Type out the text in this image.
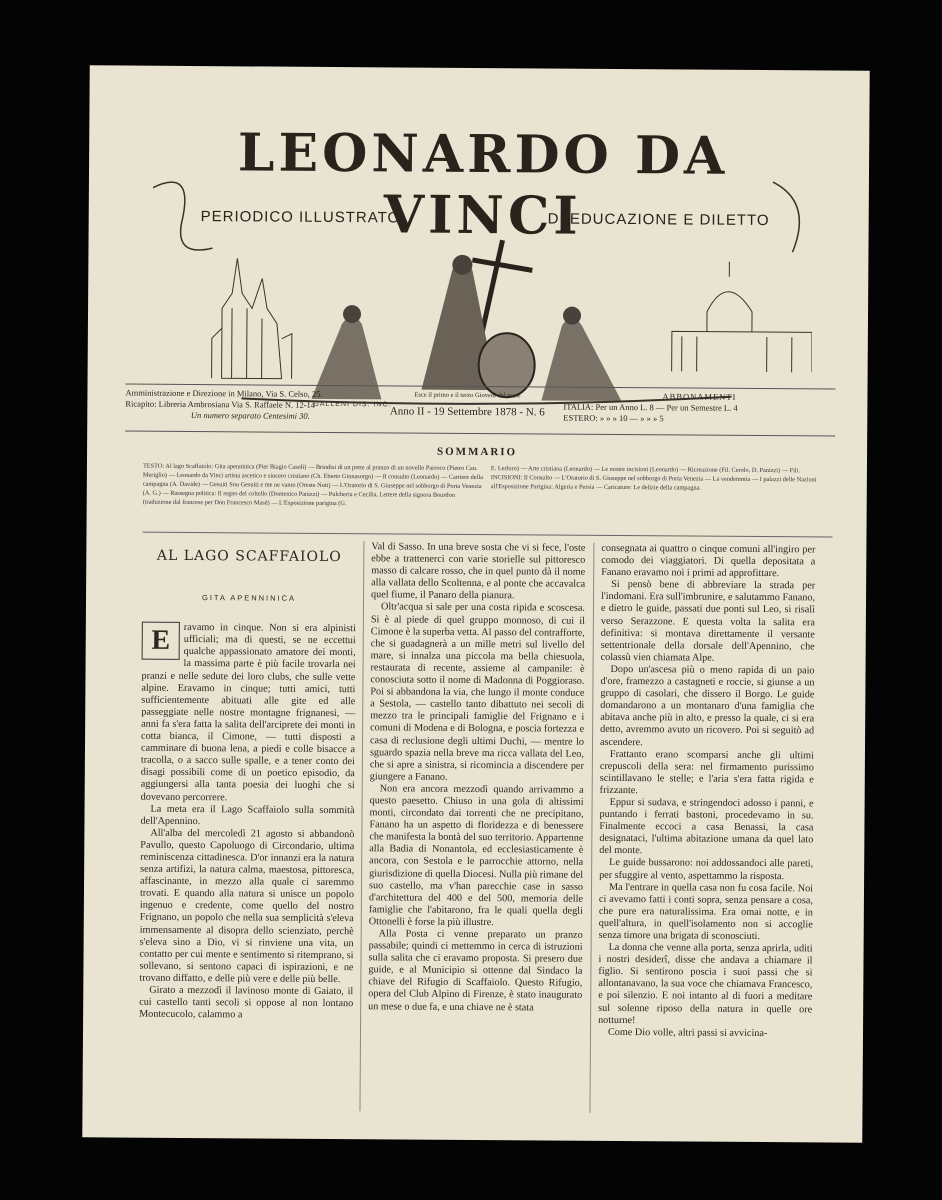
LEONARDO DA VINCI
PERIODICO ILLUSTRATO	DI EDUCAZIONE E DILETTO
GALLENI DIS. INC.
Amministrazione e Direzione in Milano, Via S. Celso, 25.
Ricapito: Libreria Ambrosiana Via S. Raffaele N. 12-14
Un numero separato Centesimi 30.
Esce il primo e il terzo Giovedì del mese
Anno II - 19 Settembre 1878 - N. 6
ABBONAMENTI
ITALIA: Per un Anno L. 8 — Per un Semestre L. 4
ESTERO: » » » 10 — » » » 5
SOMMARIO
TESTO: Al lago Scaffaiolo: Gita apenninica (Pier Biagio Casoli) — Brindisi di un prete al pranzo di un novello Parroco (Pietro Can. Meriglio) — Leonardo da Vinci artista ascetico e sincero cristiano (Ch. Eberto Ginnasorgo) — Il consulto (Leonardo) — Cartiere della campagna (A. Davide) — Gesuiti Sou Gesuiti e me ne vanto (Oreste Nuti) — L'Oratorio di S. Giuseppe nel sobborgo di Porta Venezia (A. G.) — Rassegna politica: Il regno del coltello (Domenico Panizzi) — Pulcheria e Cecilia, Lettere della signora Bourdon (traduzione dal francese per Don Francesco Masé) — L'Esposizione parigina (G.
E. Lerloro) — Arte cristiana (Leonardo) — Le nostre incisioni (Leonardo) — Ricreazione (Fil. Cerolo, D. Panizzi) — Fili. INCISIONI: Il Consulto — L'Oratorio di S. Giuseppe nel sobborgo di Porta Venezia — La vendemmia — I palazzi delle Nazioni all'Esposizione Parigina: Algeria e Persia — Caricature: Le delizie della campagna.
AL LAGO SCAFFAIOLO
GITA APENNINICA
E	ravamo in cinque. Non si era alpinisti ufficiali; ma di questi, se ne eccettui qualche appassionato amatore dei monti, la massima parte è più facile trovarla nei pranzi e nelle sedute dei loro clubs, che sulle vette alpine. Eravamo in cinque; tutti amici, tutti sufficientemente abituati alle gite ed alle passeggiate nelle nostre montagne frignanesi, — anni fa s'era fatta la salita dell'arciprete dei monti in cotta bianca, il Cimone, — tutti disposti a camminare di buona lena, a piedi e colle bisacce a tracolla, o a sacco sulle spalle, e a tener conto dei disagi possibili come di un poetico episodio, da aggiungersi alla tanta poesia dei luoghi che si dovevano percorrere.

La meta era il Lago Scaffaiolo sulla sommità dell'Apennino.

All'alba del mercoledì 21 agosto si abbandonò Pavullo, questo Capoluogo di Circondario, ultima reminiscenza cittadinesca. D'or innanzi era la natura senza artifizi, la natura calma, maestosa, pittoresca, affascinante, in mezzo alla quale ci saremmo trovati. E quando alla natura si unisce un popolo ingenuo e credente, come quello del nostro Frignano, un popolo che nella sua semplicità s'eleva immensamente al disopra dello scienziato, perchè s'eleva sino a Dio, vi si rinviene una vita, un contatto per cui mente e sentimento si ritemprano, si sollevano, si sentono capaci di ispirazioni, e ne trovano diffatto, e delle più vere e delle più belle.

Girato a mezzodì il lavinoso monte di Gaiato, il cui castello tanti secoli si oppose al non lontano Montecucolo, calammo a

Val di Sasso. In una breve sosta che vi si fece, l'oste ebbe a trattenerci con varie storielle sul pittoresco masso di calcare rosso, che in quel punto dà il nome alla vallata dello Scoltenna, e al ponte che accavalca quel fiume, il Panaro della pianura.

Oltr'acqua si sale per una costa ripida e scoscesa. Si è al piede di quel gruppo monnoso, di cui il Cimone è la superba vetta. Al passo del contrafforte, che si guadagnerà a un mille metri sul livello del mare, si innalza una piccola ma bella chiesuola, restaurata di recente, assieme al campanile: è conosciuta sotto il nome di Madonna di Poggioraso. Poi si abbandona la via, che lungo il monte conduce a Sestola, — castello tanto dibattuto nei secoli di mezzo tra le principali famiglie del Frignano e i comuni di Modena e di Bologna, e poscia fortezza e casa di reclusione degli ultimi Duchi, — mentre lo sguardo spazia nella breve ma ricca vallata del Leo, che si apre a sinistra, si ricomincia a discendere per giungere a Fanano.

Non era ancora mezzodì quando arrivammo a questo paesetto. Chiuso in una gola di altissimi monti, circondato dai torrenti che ne precipitano, Fanano ha un aspetto di floridezza e di benessere che manifesta la bontà del suo territorio. Appartenne alla Badia di Nonantola, ed ecclesiasticamente è ancora, con Sestola e le parrocchie attorno, nella giurisdizione di quella Diocesi. Nulla più rimane del suo castello, ma v'han parecchie case in sasso d'architettura del 400 e del 500, memoria delle famiglie che l'abitarono, fra le quali quella degli Ottonelli è forse la più illustre.

Alla Posta ci venne preparato un pranzo passabile; quindi ci mettemmo in cerca di istruzioni sulla salita che ci eravamo proposta. Si presero due guide, e al Municipio si ottenne dal Sindaco la chiave del Rifugio di Scaffaiolo. Questo Rifugio, opera del Club Alpino di Firenze, è stato inaugurato un mese o due fa, e una chiave ne è stata

consegnata ai quattro o cinque comuni all'ingiro per comodo dei viaggiatori. Di quella depositata a Fanano eravamo noi i primi ad approfittare.

Si pensò bene di abbreviare la strada per l'indomani. Era sull'imbrunire, e salutammo Fanano, e dietro le guide, passati due ponti sul Leo, si risalì verso Serazzone. E questa volta la salita era definitiva: si montava direttamente il versante settentrionale della dorsale dell'Apennino, che colassù vien chiamata Alpe.

Dopo un'ascesa più o meno rapida di un paio d'ore, framezzo a castagneti e roccie, si giunse a un gruppo di casolari, che dissero il Borgo. Le guide domandarono a un montanaro d'una famiglia che abitava anche più in alto, e presso la quale, ci si era detto, avremmo avuto un ricovero. Poi si seguitò ad ascendere.

Frattanto erano scomparsi anche gli ultimi crepuscoli della sera: nel firmamento purissimo scintillavano le stelle; e l'aria s'era fatta rigida e frizzante.

Eppur si sudava, e stringendoci adosso i panni, e puntando i ferrati bastoni, procedevamo in su. Finalmente eccoci a casa Benassi, la casa designataci, l'ultima abitazione umana da quel lato del monte.

Le guide bussarono: noi addossandoci alle pareti, per sfuggire al vento, aspettammo la risposta.

Ma l'entrare in quella casa non fu cosa facile. Noi ci avevamo fatti i conti sopra, senza pensare a cosa, che pure era naturalissima. Era omai notte, e in quell'altura, in quell'isolamento non si accoglie senza timore una brigata di sconosciuti.

La donna che venne alla porta, senza aprirla, uditi i nostri desiderî, disse che andava a chiamare il figlio. Si sentirono poscia i suoi passi che si allontanavano, la sua voce che chiamava Francesco, e poi silenzio. E noi intanto al di fuori a meditare sul solenne riposo della natura in quelle ore notturne!

Come Dio volle, altri passi si avvicina-
